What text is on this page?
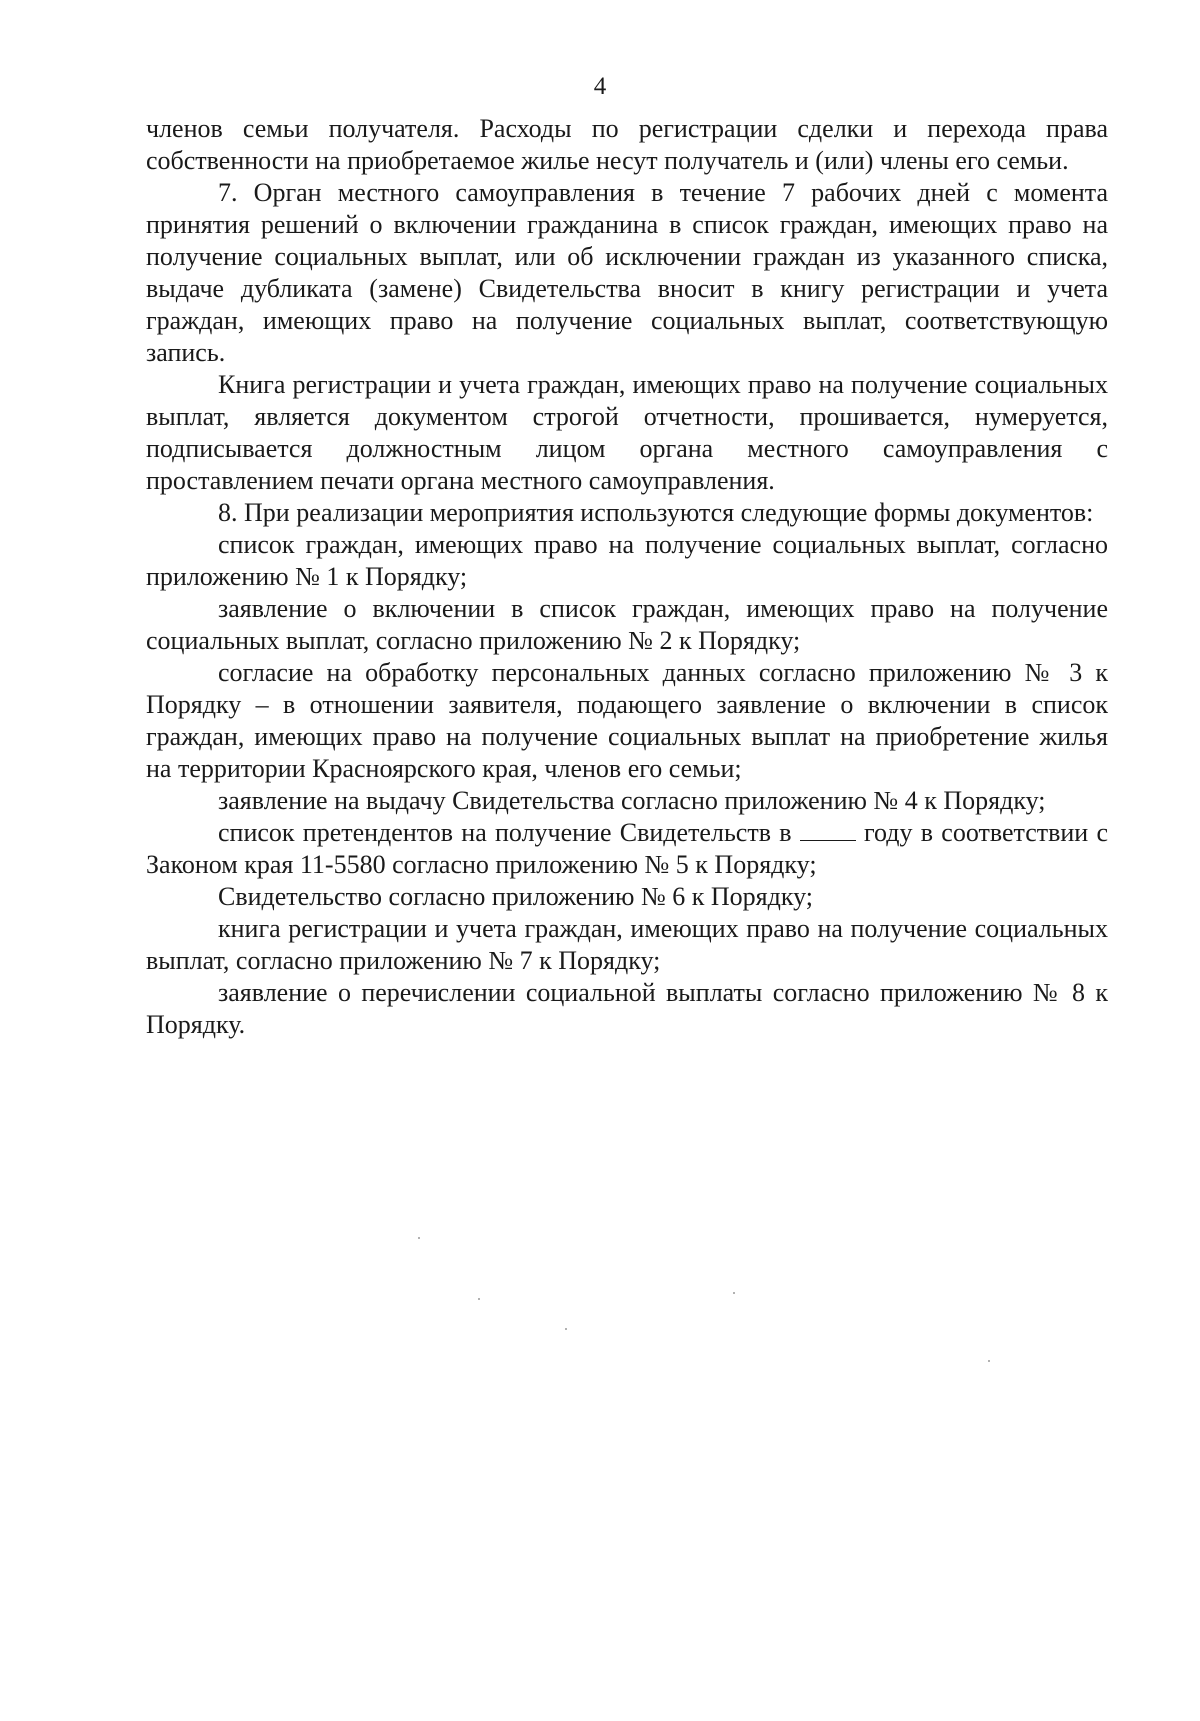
4

членов семьи получателя. Расходы по регистрации сделки и перехода права собственности на приобретаемое жилье несут получатель и (или) члены его семьи.

7. Орган местного самоуправления в течение 7 рабочих дней с момента принятия решений о включении гражданина в список граждан, имеющих право на получение социальных выплат, или об исключении граждан из указанного списка, выдаче дубликата (замене) Свидетельства вносит в книгу регистрации и учета граждан, имеющих право на получение социальных выплат, соответствующую запись.

Книга регистрации и учета граждан, имеющих право на получение социальных выплат, является документом строгой отчетности, прошивается, нумеруется, подписывается должностным лицом органа местного самоуправления с проставлением печати органа местного самоуправления.

8. При реализации мероприятия используются следующие формы документов:

список граждан, имеющих право на получение социальных выплат, согласно приложению № 1 к Порядку;

заявление о включении в список граждан, имеющих право на получение социальных выплат, согласно приложению № 2 к Порядку;

согласие на обработку персональных данных согласно приложению № 3 к Порядку – в отношении заявителя, подающего заявление о включении в список граждан, имеющих право на получение социальных выплат на приобретение жилья на территории Красноярского края, членов его семьи;

заявление на выдачу Свидетельства согласно приложению № 4 к Порядку;

список претендентов на получение Свидетельств в	году в соответствии с Законом края 11-5580 согласно приложению № 5 к Порядку;

Свидетельство согласно приложению № 6 к Порядку;

книга регистрации и учета граждан, имеющих право на получение социальных выплат, согласно приложению № 7 к Порядку;

заявление о перечислении социальной выплаты согласно приложению № 8 к Порядку.
